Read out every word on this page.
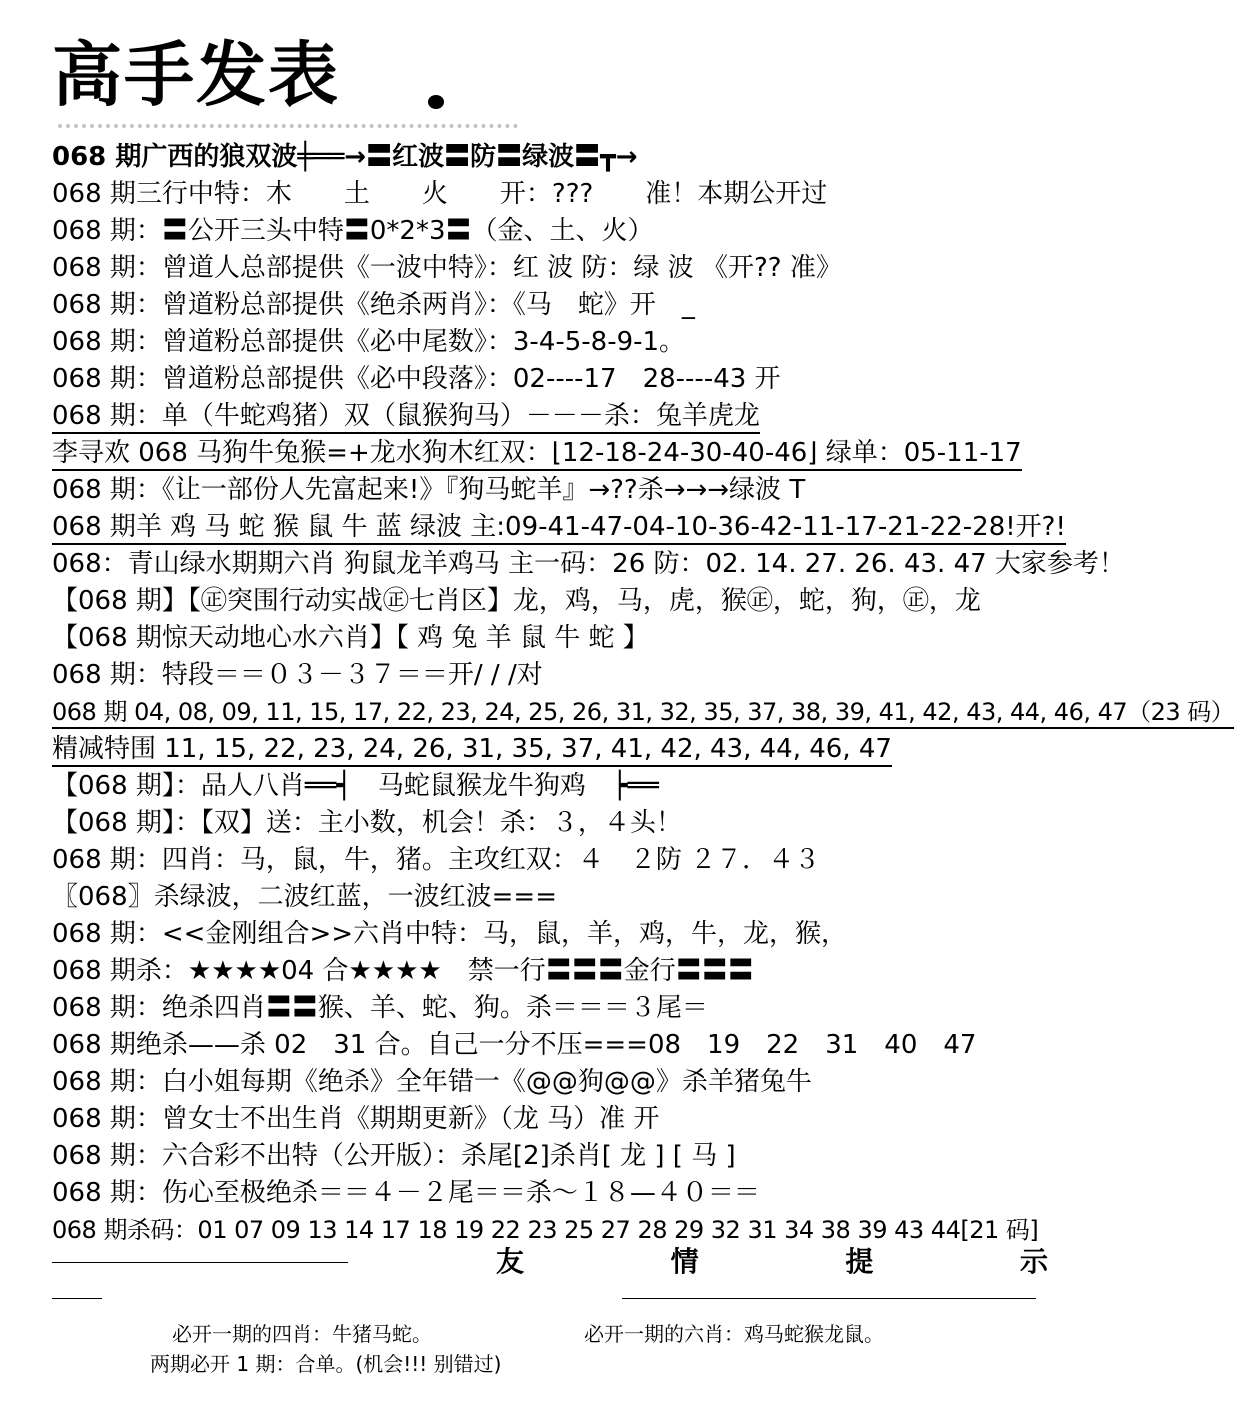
高手发表
068 期广西的狼双波╪══→〓红波〓防〓绿波〓┳→
068 期三行中特：木　　土　　火　　开：???　　准！本期公开过
068 期：〓公开三头中特〓0*2*3〓（金、土、火）
068 期：曾道人总部提供《一波中特》：红 波 防：绿 波 《开?? 准》
068 期：曾道粉总部提供《绝杀两肖》：《马　蛇》开　_
068 期：曾道粉总部提供《必中尾数》：3-4-5-8-9-1。
068 期：曾道粉总部提供《必中段落》：02----17　28----43 开
068 期：单（牛蛇鸡猪）双（鼠猴狗马）－－－杀：兔羊虎龙
李寻欢 068 马狗牛兔猴=+龙水狗木红双：⌊12-18-24-30-40-46⌋ 绿单：05-11-17
068 期：《让一部份人先富起来!》『狗马蛇羊』→??杀→→→绿波 T
068 期羊 鸡 马 蛇 猴 鼠 牛 蓝 绿波 主:09-41-47-04-10-36-42-11-17-21-22-28!开?!
068：青山绿水期期六肖 狗鼠龙羊鸡马 主一码：26 防：02. 14. 27. 26. 43. 47 大家参考！
【068 期】【㊣突围行动实战㊣七肖区】龙，鸡，马，虎，猴㊣，蛇，狗，㊣，龙
【068 期惊天动地心水六肖】【 鸡 兔 羊 鼠 牛 蛇 】
068 期：特段＝＝０３－３７＝＝开/ / /对
068 期 04, 08, 09, 11, 15, 17, 22, 23, 24, 25, 26, 31, 32, 35, 37, 38, 39, 41, 42, 43, 44, 46, 47（23 码）
精减特围 11, 15, 22, 23, 24, 26, 31, 35, 37, 41, 42, 43, 44, 46, 47
【068 期】：品人八肖══┥　马蛇鼠猴龙牛狗鸡　┝══
【068 期】：【双】送：主小数，机会！杀：３，４头！
068 期：四肖：马，鼠，牛，猪。主攻红双：４　２防 ２７．４３
〖068〗杀绿波，二波红蓝，一波红波===
068 期：<<金刚组合>>六肖中特：马，鼠，羊，鸡，牛，龙，猴，
068 期杀：★★★★04 合★★★★　禁一行〓〓〓金行〓〓〓
068 期：绝杀四肖〓〓猴、羊、蛇、狗。杀＝＝＝３尾＝
068 期绝杀——杀 02　31 合。自己一分不压===08　19　22　31　40　47
068 期：白小姐每期《绝杀》全年错一《@@狗@@》杀羊猪兔牛
068 期：曾女士不出生肖《期期更新》（龙 马）准 开
068 期：六合彩不出特（公开版）：杀尾[2]杀肖[ 龙 ] [ 马 ]
068 期：伤心至极绝杀＝＝４－２尾＝＝杀～１８—４０＝＝
068 期杀码：01 07 09 13 14 17 18 19 22 23 25 27 28 29 32 31 34 38 39 43 44[21 码]
友	情	提	示
必开一期的四肖：牛猪马蛇。	必开一期的六肖：鸡马蛇猴龙鼠。
两期必开 1 期：合单。(机会!!! 别错过)
